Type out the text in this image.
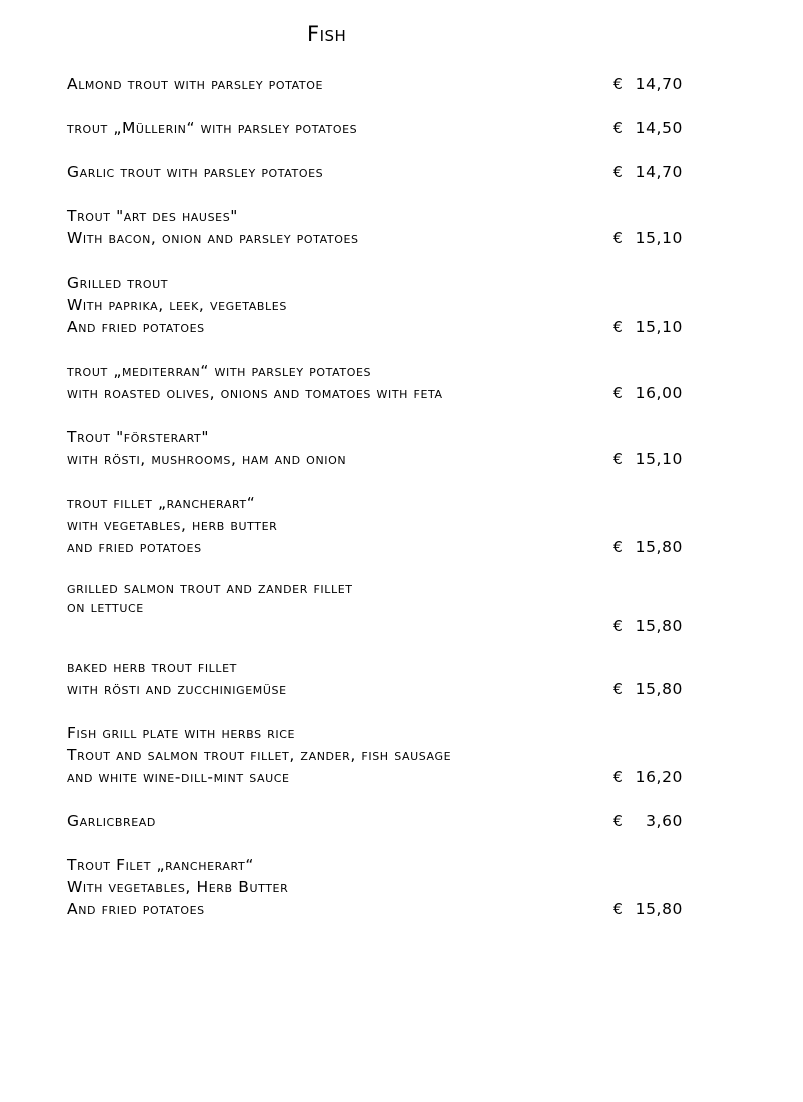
Fish
Almond trout with parsley potatoe	€ 14,70
trout „Müllerin“ with parsley potatoes	€ 14,50
Garlic trout with parsley potatoes	€ 14,70
Trout "art des hauses"
With bacon, onion and parsley potatoes	€ 15,10
Grilled trout
With paprika, leek, vegetables
And fried potatoes	€ 15,10
trout „mediterran“ with parsley potatoes
with roasted olives, onions and tomatoes with feta	€ 16,00
Trout "försterart"
with rösti, mushrooms, ham and onion	€ 15,10
trout fillet „rancherart“
with vegetables, herb butter
and fried potatoes	€ 15,80
grilled salmon trout and zander fillet
on lettuce
€ 15,80
baked herb trout fillet
with rösti and zucchinigemüse	€ 15,80
Fish grill plate with herbs rice
Trout and salmon trout fillet, zander, fish sausage
and white wine-dill-mint sauce	€ 16,20
Garlicbread	€ 3,60
Trout Filet „rancherart“
With vegetables, Herb Butter
And fried potatoes	€ 15,80
